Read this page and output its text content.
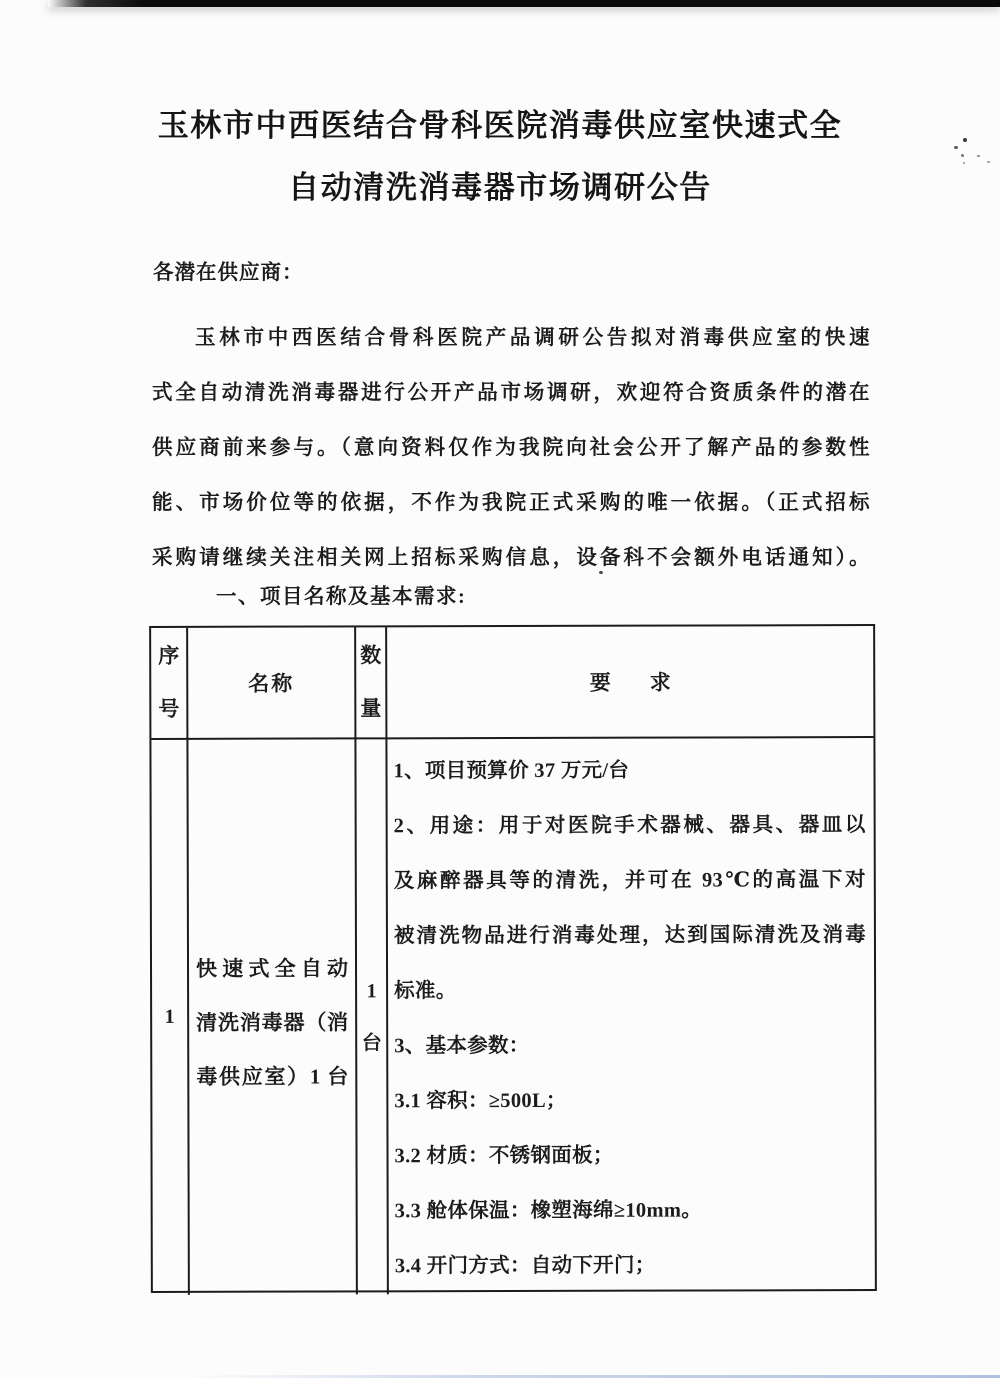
玉林市中西医结合骨科医院消毒供应室快速式全
自动清洗消毒器市场调研公告
各潜在供应商：
玉林市中西医结合骨科医院产品调研公告拟对消毒供应室的快速
式全自动清洗消毒器进行公开产品市场调研，欢迎符合资质条件的潜在
供应商前来参与。（意向资料仅作为我院向社会公开了解产品的参数性
能、市场价位等的依据，不作为我院正式采购的唯一依据。（正式招标
采购请继续关注相关网上招标采购信息，设备科不会额外电话通知）。
一、项目名称及基本需求:
序
号
名称
数
量
要　求
1
快速式全自动
清洗消毒器（消
毒供应室）1 台
1
台
1、项目预算价 37 万元/台
2、用途：用于对医院手术器械、器具、器皿以
及麻醉器具等的清洗，并可在 93℃的高温下对
被清洗物品进行消毒处理，达到国际清洗及消毒
标准。
3、基本参数：
3.1 容积：≥500L；
3.2 材质：不锈钢面板；
3.3 舱体保温：橡塑海绵≥10mm。
3.4 开门方式：自动下开门；
